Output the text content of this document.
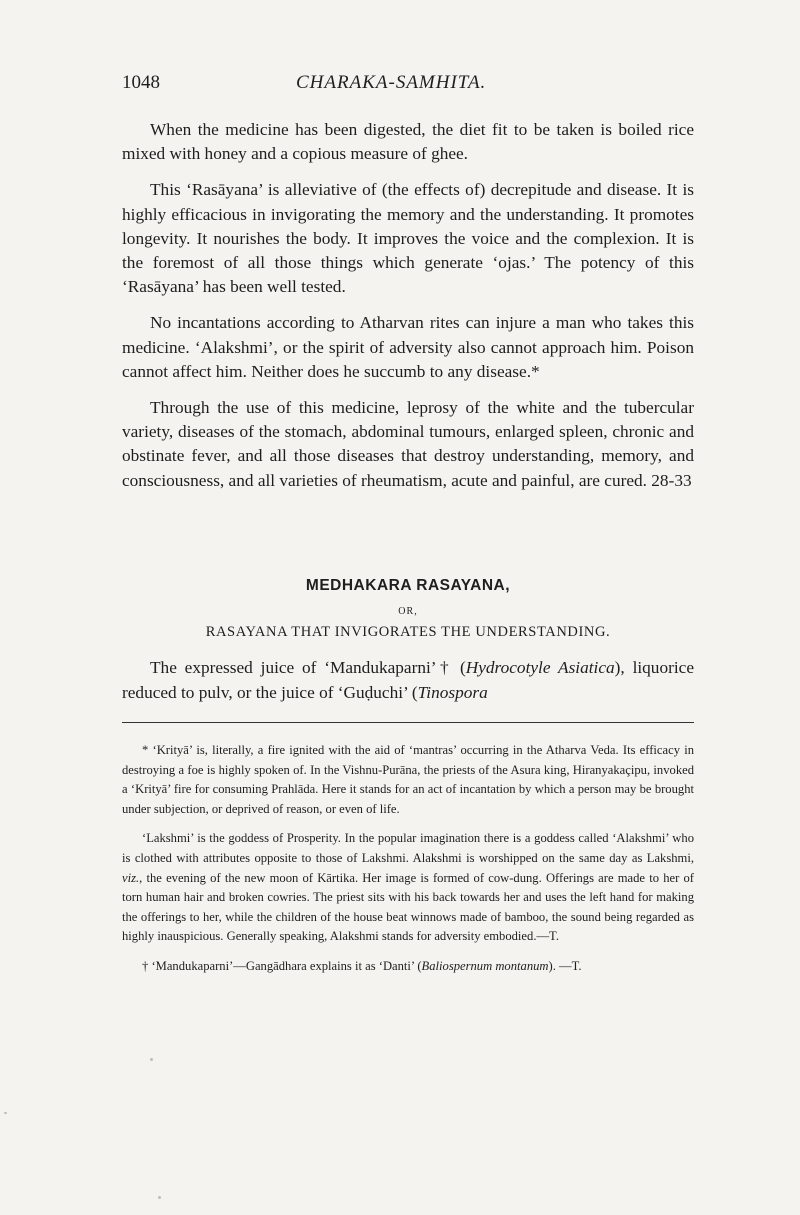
1048	CHARAKA-SAMHITA.

When the medicine has been digested, the diet fit to be taken is boiled rice mixed with honey and a copious measure of ghee.

This ‘Rasāyana’ is alleviative of (the effects of) decrepitude and disease. It is highly efficacious in invigorating the memory and the understanding. It promotes longevity. It nourishes the body. It improves the voice and the complexion. It is the foremost of all those things which generate ‘ojas.’ The potency of this ‘Rasāyana’ has been well tested.

No incantations according to Atharvan rites can injure a man who takes this medicine. ‘Alakshmi’, or the spirit of adversity also cannot approach him. Poison cannot affect him. Neither does he succumb to any disease.*

Through the use of this medicine, leprosy of the white and the tubercular variety, diseases of the stomach, abdominal tumours, enlarged spleen, chronic and obstinate fever, and all those diseases that destroy understanding, memory, and consciousness, and all varieties of rheumatism, acute and painful, are cured. 28-33

MEDHAKARA RASAYANA,
OR,
RASAYANA THAT INVIGORATES THE UNDERSTANDING.

The expressed juice of ‘Mandukaparni’† (Hydrocotyle Asiatica), liquorice reduced to pulv, or the juice of ‘Guḍuchi’ (Tinospora

* ‘Krityā’ is, literally, a fire ignited with the aid of ‘mantras’ occurring in the Atharva Veda. Its efficacy in destroying a foe is highly spoken of. In the Vishnu-Purāna, the priests of the Asura king, Hiranyakaçipu, invoked a ‘Krityā’ fire for consuming Prahlāda. Here it stands for an act of incantation by which a person may be brought under subjection, or deprived of reason, or even of life.

‘Lakshmi’ is the goddess of Prosperity. In the popular imagination there is a goddess called ‘Alakshmi’ who is clothed with attributes opposite to those of Lakshmi. Alakshmi is worshipped on the same day as Lakshmi, viz., the evening of the new moon of Kārtika. Her image is formed of cow-dung. Offerings are made to her of torn human hair and broken cowries. The priest sits with his back towards her and uses the left hand for making the offerings to her, while the children of the house beat winnows made of bamboo, the sound being regarded as highly inauspicious. Generally speaking, Alakshmi stands for adversity embodied.—T.

† ‘Mandukaparni’—Gangādhara explains it as ‘Danti’ (Baliospernum montanum). —T.
